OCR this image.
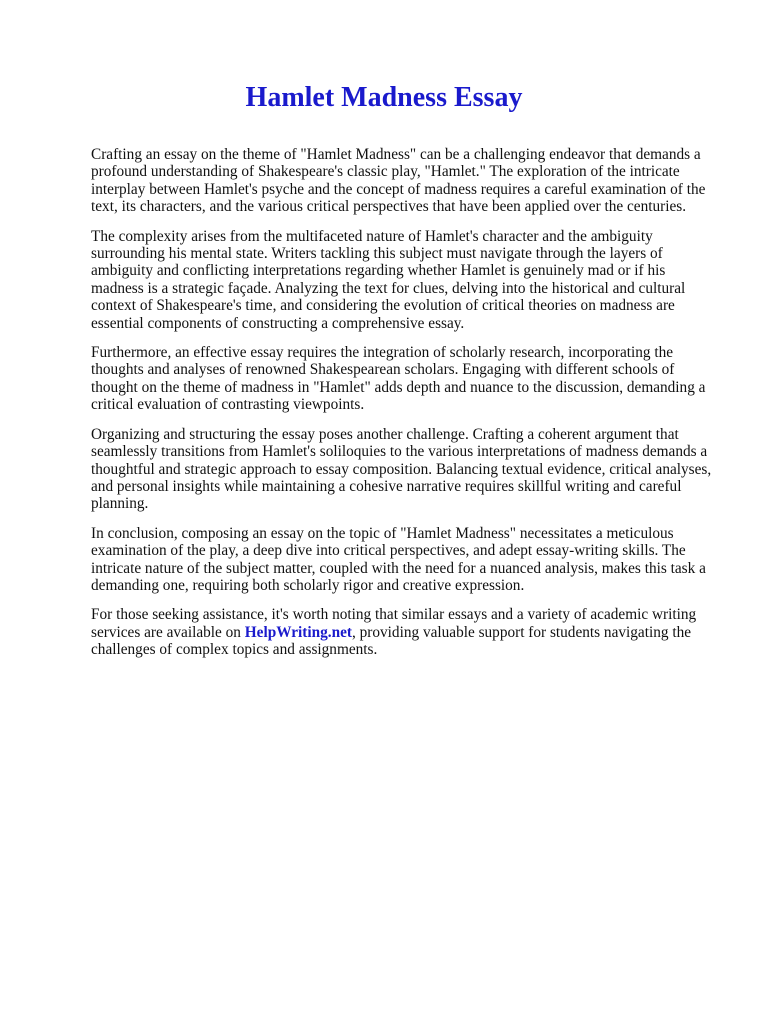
Hamlet Madness Essay

Crafting an essay on the theme of "Hamlet Madness" can be a challenging endeavor that demands a profound understanding of Shakespeare's classic play, "Hamlet." The exploration of the intricate interplay between Hamlet's psyche and the concept of madness requires a careful examination of the text, its characters, and the various critical perspectives that have been applied over the centuries.

The complexity arises from the multifaceted nature of Hamlet's character and the ambiguity surrounding his mental state. Writers tackling this subject must navigate through the layers of ambiguity and conflicting interpretations regarding whether Hamlet is genuinely mad or if his madness is a strategic façade. Analyzing the text for clues, delving into the historical and cultural context of Shakespeare's time, and considering the evolution of critical theories on madness are essential components of constructing a comprehensive essay.

Furthermore, an effective essay requires the integration of scholarly research, incorporating the thoughts and analyses of renowned Shakespearean scholars. Engaging with different schools of thought on the theme of madness in "Hamlet" adds depth and nuance to the discussion, demanding a critical evaluation of contrasting viewpoints.

Organizing and structuring the essay poses another challenge. Crafting a coherent argument that seamlessly transitions from Hamlet's soliloquies to the various interpretations of madness demands a thoughtful and strategic approach to essay composition. Balancing textual evidence, critical analyses, and personal insights while maintaining a cohesive narrative requires skillful writing and careful planning.

In conclusion, composing an essay on the topic of "Hamlet Madness" necessitates a meticulous examination of the play, a deep dive into critical perspectives, and adept essay-writing skills. The intricate nature of the subject matter, coupled with the need for a nuanced analysis, makes this task a demanding one, requiring both scholarly rigor and creative expression.

For those seeking assistance, it's worth noting that similar essays and a variety of academic writing services are available on HelpWriting.net, providing valuable support for students navigating the challenges of complex topics and assignments.
